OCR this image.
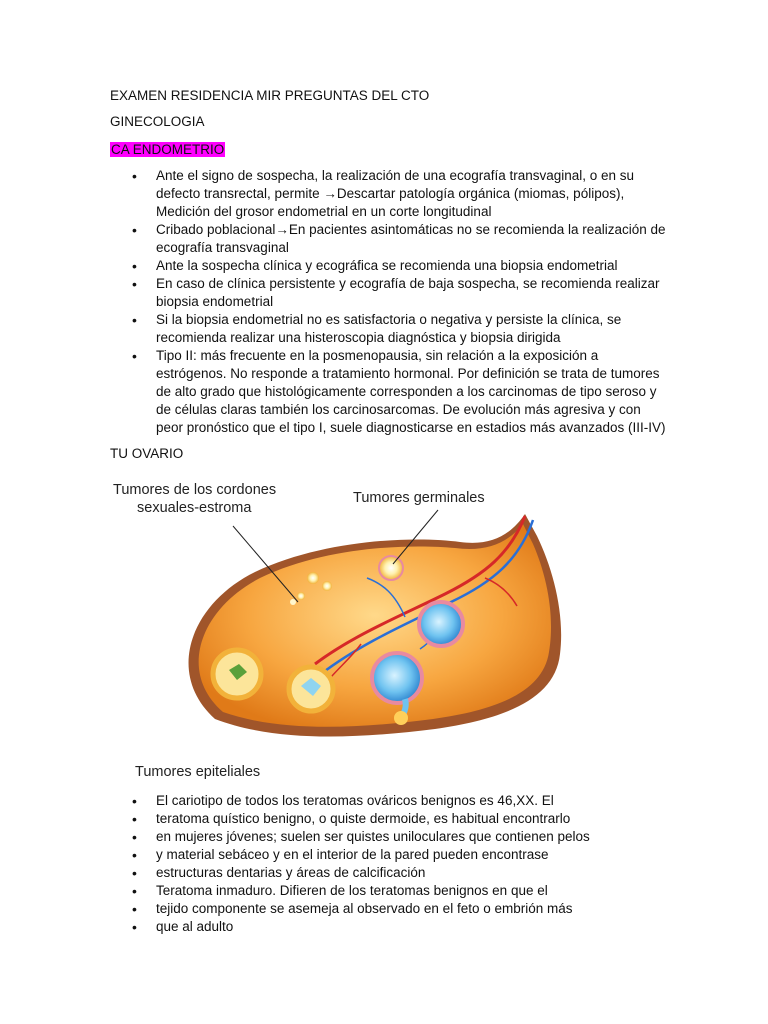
EXAMEN RESIDENCIA MIR PREGUNTAS DEL CTO
GINECOLOGIA
CA ENDOMETRIO
• Ante el signo de sospecha, la realización de una ecografía transvaginal, o en su defecto transrectal, permite →Descartar patología orgánica (miomas, pólipos), Medición del grosor endometrial en un corte longitudinal
• Cribado poblacional→En pacientes asintomáticas no se recomienda la realización de ecografía transvaginal
• Ante la sospecha clínica y ecográfica se recomienda una biopsia endometrial
• En caso de clínica persistente y ecografía de baja sospecha, se recomienda realizar biopsia endometrial
• Si la biopsia endometrial no es satisfactoria o negativa y persiste la clínica, se recomienda realizar una histeroscopia diagnóstica y biopsia dirigida
• Tipo II: más frecuente en la posmenopausia, sin relación a la exposición a estrógenos. No responde a tratamiento hormonal. Por definición se trata de tumores de alto grado que histológicamente corresponden a los carcinomas de tipo seroso y de células claras también los carcinosarcomas. De evolución más agresiva y con peor pronóstico que el tipo I, suele diagnosticarse en estadios más avanzados (III-IV)
TU OVARIO
Tumores de los cordones
sexuales-estroma
Tumores germinales
Tumores epiteliales
• El cariotipo de todos los teratomas ováricos benignos es 46,XX. El
• teratoma quístico benigno, o quiste dermoide, es habitual encontrarlo
• en mujeres jóvenes; suelen ser quistes uniloculares que contienen pelos
• y material sebáceo y en el interior de la pared pueden encontrase
• estructuras dentarias y áreas de calcificación
• Teratoma inmaduro. Difieren de los teratomas benignos en que el
• tejido componente se asemeja al observado en el feto o embrión más
• que al adulto
